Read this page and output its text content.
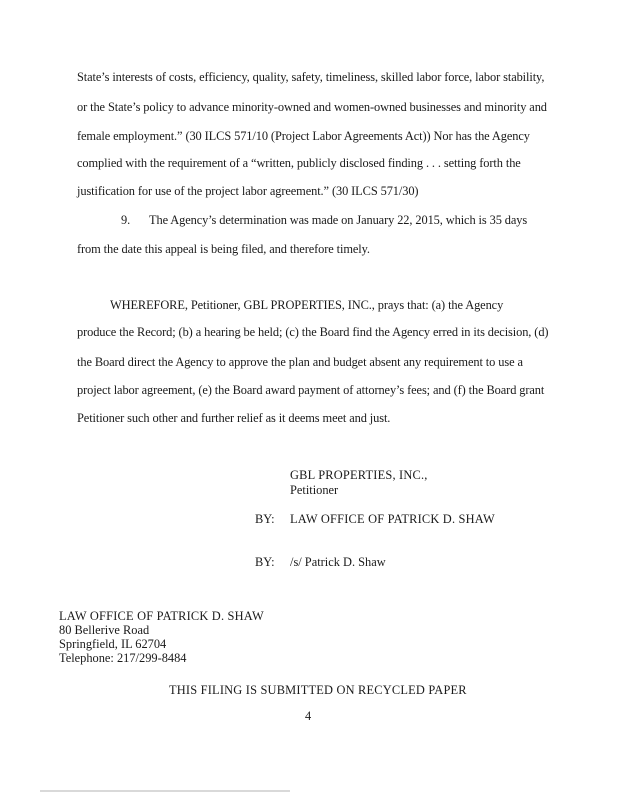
State’s interests of costs, efficiency, quality, safety, timeliness, skilled labor force, labor stability,
or the State’s policy to advance minority-owned and women-owned businesses and minority and
female employment.” (30 ILCS 571/10 (Project Labor Agreements Act)) Nor has the Agency
complied with the requirement of a “written, publicly disclosed finding . . . setting forth the
justification for use of the project labor agreement.” (30 ILCS 571/30)
9. The Agency’s determination was made on January 22, 2015, which is 35 days
from the date this appeal is being filed, and therefore timely.
WHEREFORE, Petitioner, GBL PROPERTIES, INC., prays that: (a) the Agency
produce the Record; (b) a hearing be held; (c) the Board find the Agency erred in its decision, (d)
the Board direct the Agency to approve the plan and budget absent any requirement to use a
project labor agreement, (e) the Board award payment of attorney’s fees; and (f) the Board grant
Petitioner such other and further relief as it deems meet and just.
GBL PROPERTIES, INC.,
Petitioner
BY: LAW OFFICE OF PATRICK D. SHAW
BY: /s/ Patrick D. Shaw
LAW OFFICE OF PATRICK D. SHAW
80 Bellerive Road
Springfield, IL 62704
Telephone: 217/299-8484
THIS FILING IS SUBMITTED ON RECYCLED PAPER
4
